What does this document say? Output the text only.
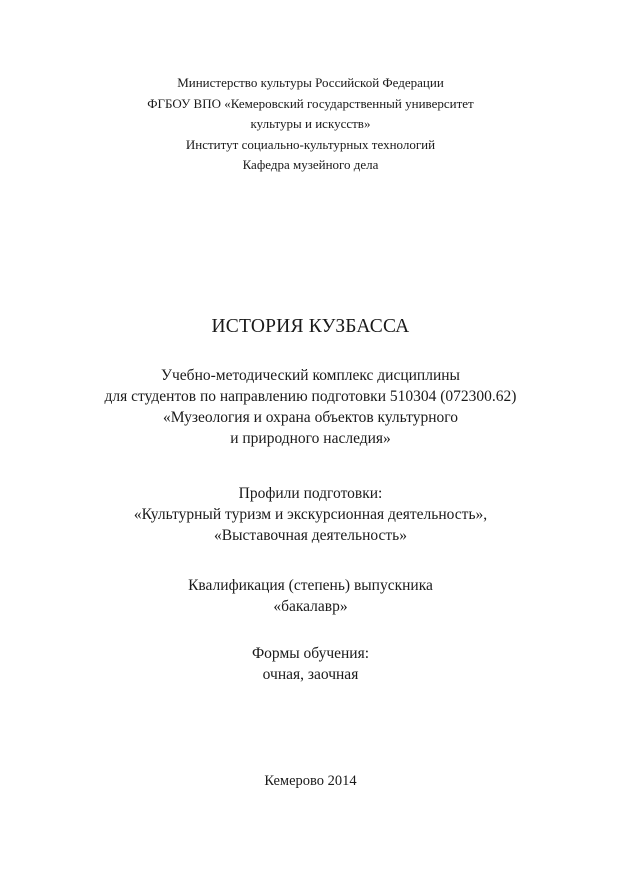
Министерство культуры Российской Федерации
ФГБОУ ВПО «Кемеровский государственный университет
культуры и искусств»
Институт социально-культурных технологий
Кафедра музейного дела
ИСТОРИЯ КУЗБАССА
Учебно-методический комплекс дисциплины
для студентов по направлению подготовки 510304 (072300.62)
«Музеология и охрана объектов культурного
и природного наследия»
Профили подготовки:
«Культурный туризм и экскурсионная деятельность»,
«Выставочная деятельность»
Квалификация (степень) выпускника
«бакалавр»
Формы обучения:
очная, заочная
Кемерово 2014
